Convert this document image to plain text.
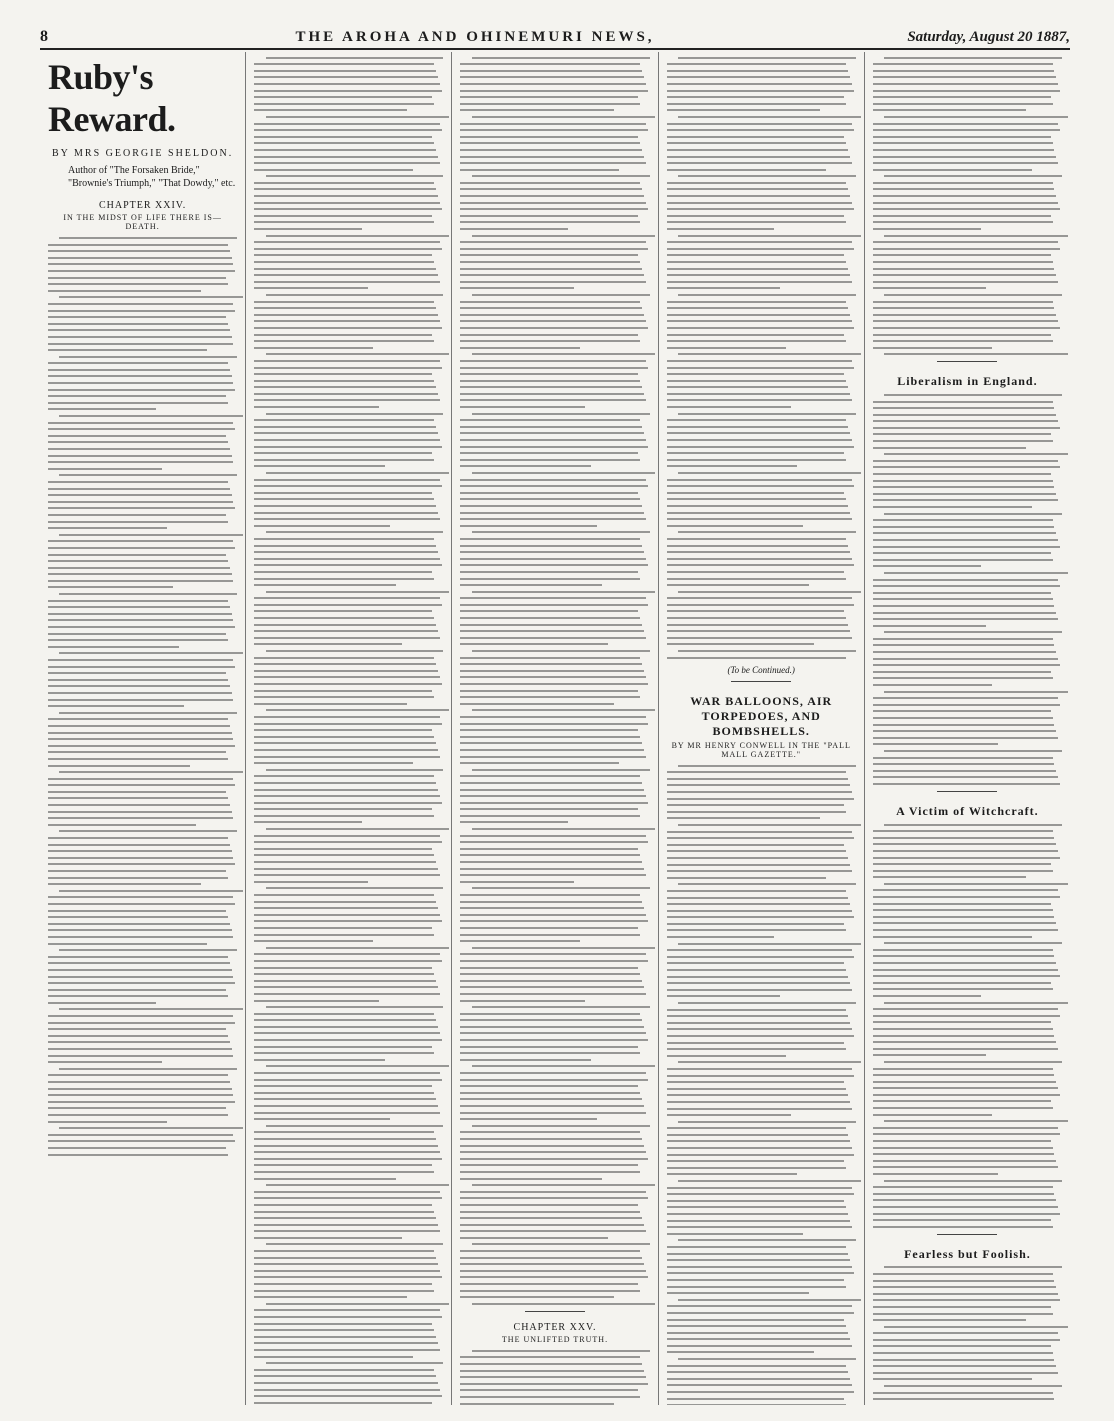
8	THE AROHA AND OHINEMURI NEWS,	Saturday, August 20 1887,
Ruby's Reward.
BY MRS GEORGIE SHELDON.
Author of "The Forsaken Bride," "Brownie's Triumph," "That Dowdy," etc.
CHAPTER XXIV.
IN THE MIDST OF LIFE THERE IS—DEATH.
CHAPTER XXV.
THE UNLIFTED TRUTH.
(To be Continued.)
WAR BALLOONS, AIR TORPEDOES, AND BOMBSHELLS.
BY MR HENRY CONWELL IN THE "PALL MALL GAZETTE."
Liberalism in England.
A Victim of Witchcraft.
Fearless but Foolish.
